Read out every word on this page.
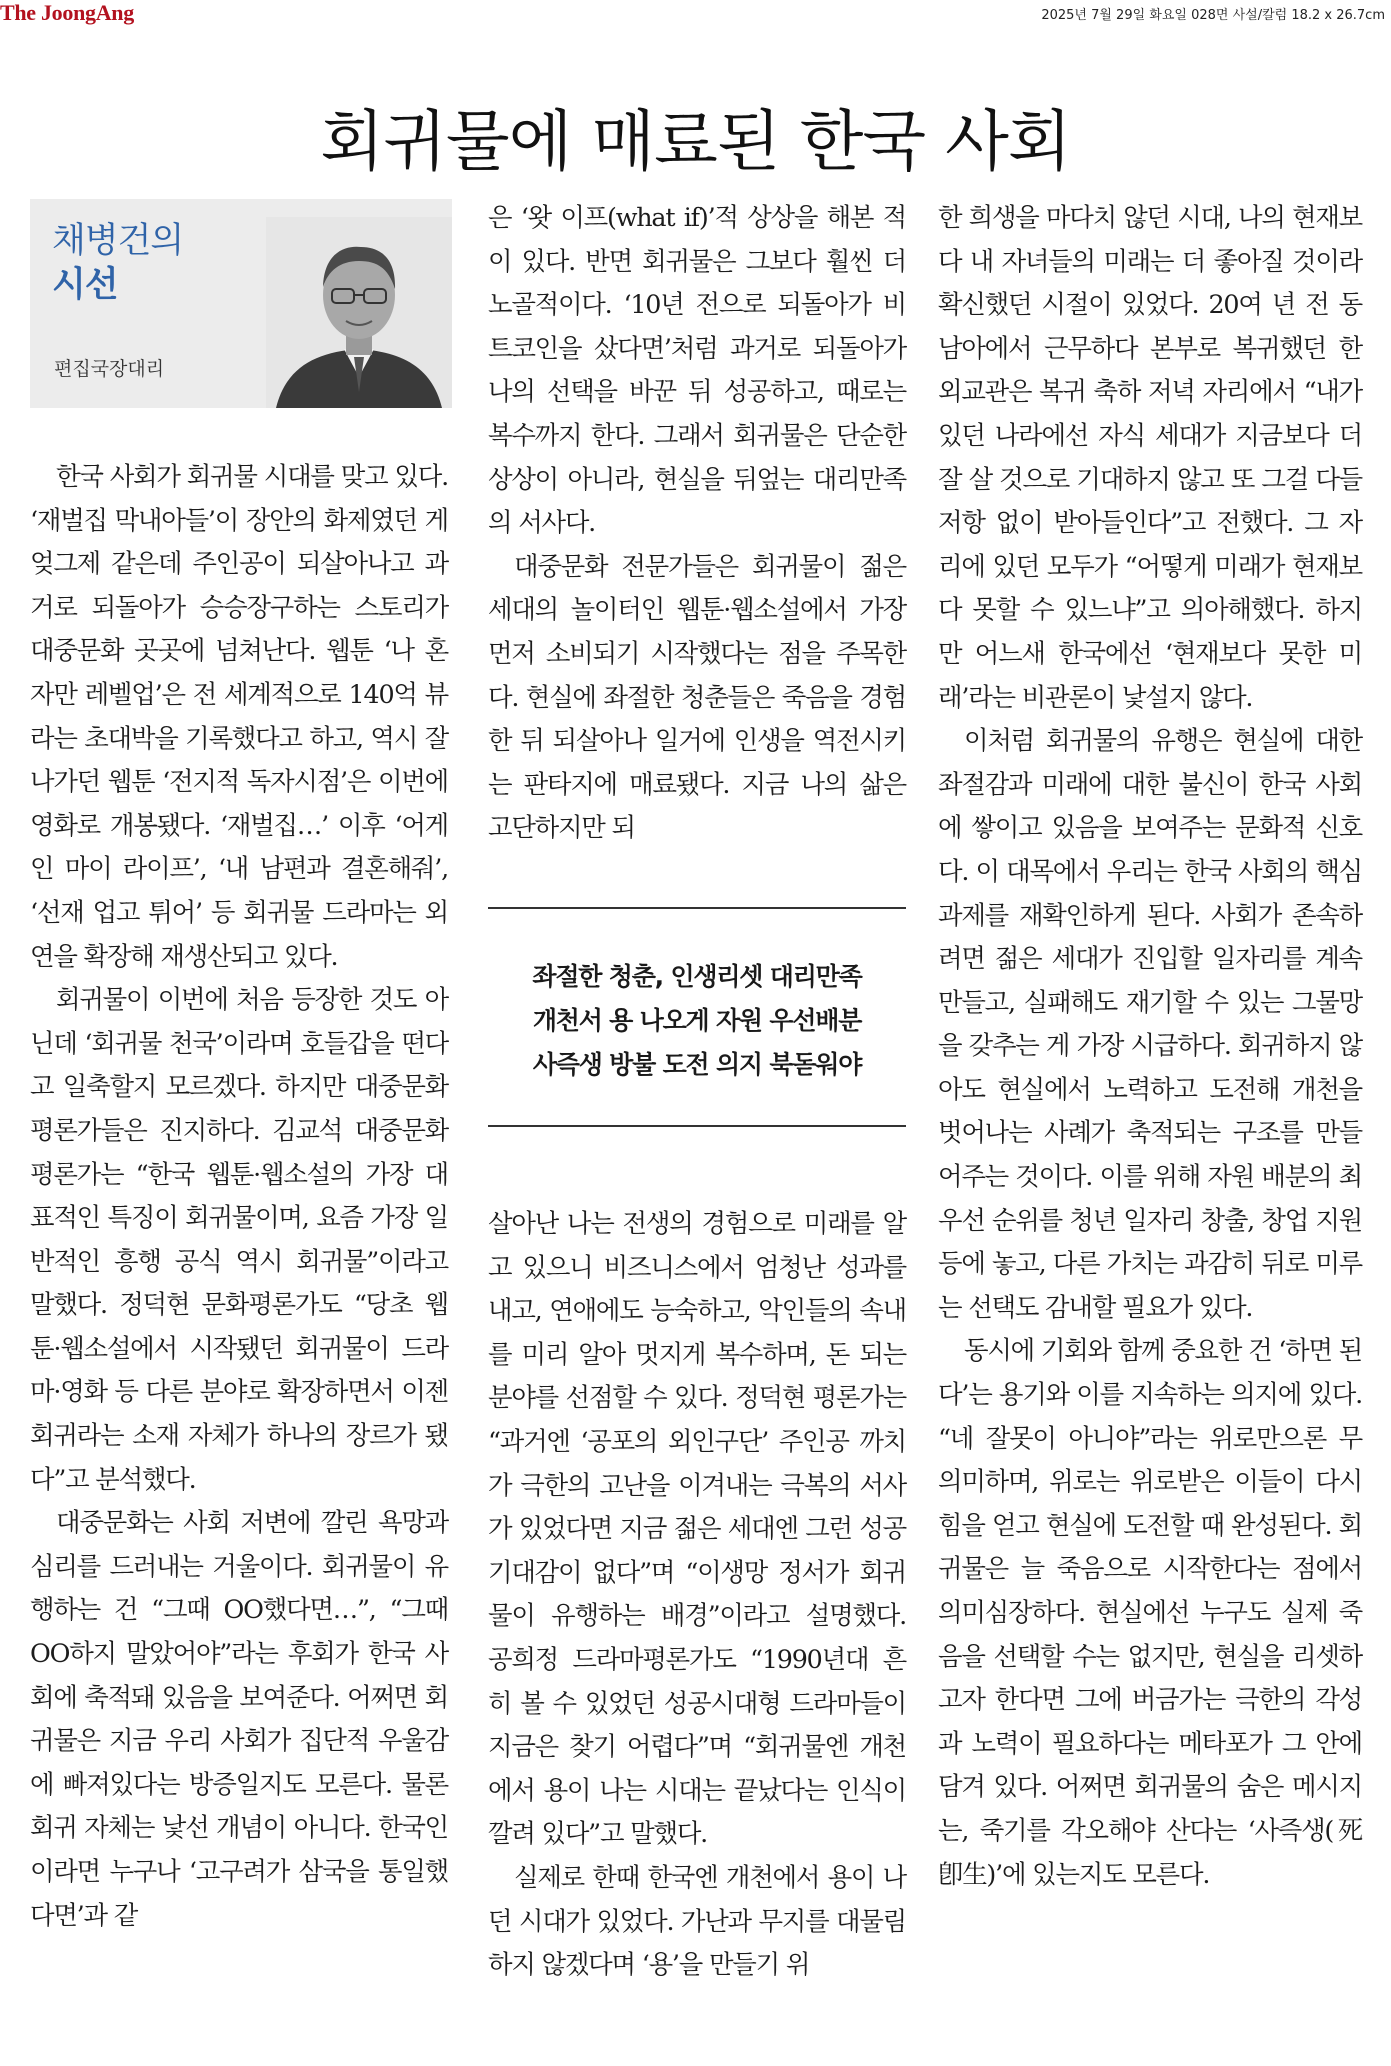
The JoongAng	2025년 7월 29일 화요일 028면 사설/칼럼 18.2 x 26.7cm
회귀물에 매료된 한국 사회
채병건의
시선
편집국장대리

한국 사회가 회귀물 시대를 맞고 있다. ‘재벌집 막내아들’이 장안의 화제였던 게 엊그제 같은데 주인공이 되살아나고 과거로 되돌아가 승승장구하는 스토리가 대중문화 곳곳에 넘쳐난다. 웹툰 ‘나 혼자만 레벨업’은 전 세계적으로 140억 뷰라는 초대박을 기록했다고 하고, 역시 잘 나가던 웹툰 ‘전지적 독자시점’은 이번에 영화로 개봉됐다. ‘재벌집…’ 이후 ‘어게인 마이 라이프’, ‘내 남편과 결혼해줘’, ‘선재 업고 튀어’ 등 회귀물 드라마는 외연을 확장해 재생산되고 있다.

회귀물이 이번에 처음 등장한 것도 아닌데 ‘회귀물 천국’이라며 호들갑을 떤다고 일축할지 모르겠다. 하지만 대중문화 평론가들은 진지하다. 김교석 대중문화평론가는 “한국 웹툰·웹소설의 가장 대표적인 특징이 회귀물이며, 요즘 가장 일반적인 흥행 공식 역시 회귀물”이라고 말했다. 정덕현 문화평론가도 “당초 웹툰·웹소설에서 시작됐던 회귀물이 드라마·영화 등 다른 분야로 확장하면서 이젠 회귀라는 소재 자체가 하나의 장르가 됐다”고 분석했다.

대중문화는 사회 저변에 깔린 욕망과 심리를 드러내는 거울이다. 회귀물이 유행하는 건 “그때 OO했다면…”, “그때 OO하지 말았어야”라는 후회가 한국 사회에 축적돼 있음을 보여준다. 어쩌면 회귀물은 지금 우리 사회가 집단적 우울감에 빠져있다는 방증일지도 모른다. 물론 회귀 자체는 낯선 개념이 아니다. 한국인이라면 누구나 ‘고구려가 삼국을 통일했다면’과 같

은 ‘왓 이프(what if)’적 상상을 해본 적이 있다. 반면 회귀물은 그보다 훨씬 더 노골적이다. ‘10년 전으로 되돌아가 비트코인을 샀다면’처럼 과거로 되돌아가 나의 선택을 바꾼 뒤 성공하고, 때로는 복수까지 한다. 그래서 회귀물은 단순한 상상이 아니라, 현실을 뒤엎는 대리만족의 서사다.

대중문화 전문가들은 회귀물이 젊은 세대의 놀이터인 웹툰·웹소설에서 가장 먼저 소비되기 시작했다는 점을 주목한다. 현실에 좌절한 청춘들은 죽음을 경험한 뒤 되살아나 일거에 인생을 역전시키는 판타지에 매료됐다. 지금 나의 삶은 고단하지만 되

좌절한 청춘, 인생리셋 대리만족
개천서 용 나오게 자원 우선배분
사즉생 방불 도전 의지 북돋워야

살아난 나는 전생의 경험으로 미래를 알고 있으니 비즈니스에서 엄청난 성과를 내고, 연애에도 능숙하고, 악인들의 속내를 미리 알아 멋지게 복수하며, 돈 되는 분야를 선점할 수 있다. 정덕현 평론가는 “과거엔 ‘공포의 외인구단’ 주인공 까치가 극한의 고난을 이겨내는 극복의 서사가 있었다면 지금 젊은 세대엔 그런 성공 기대감이 없다”며 “이생망 정서가 회귀물이 유행하는 배경”이라고 설명했다. 공희정 드라마평론가도 “1990년대 흔히 볼 수 있었던 성공시대형 드라마들이 지금은 찾기 어렵다”며 “회귀물엔 개천에서 용이 나는 시대는 끝났다는 인식이 깔려 있다”고 말했다.

실제로 한때 한국엔 개천에서 용이 나던 시대가 있었다. 가난과 무지를 대물림하지 않겠다며 ‘용’을 만들기 위

한 희생을 마다치 않던 시대, 나의 현재보다 내 자녀들의 미래는 더 좋아질 것이라 확신했던 시절이 있었다. 20여 년 전 동남아에서 근무하다 본부로 복귀했던 한 외교관은 복귀 축하 저녁 자리에서 “내가 있던 나라에선 자식 세대가 지금보다 더 잘 살 것으로 기대하지 않고 또 그걸 다들 저항 없이 받아들인다”고 전했다. 그 자리에 있던 모두가 “어떻게 미래가 현재보다 못할 수 있느냐”고 의아해했다. 하지만 어느새 한국에선 ‘현재보다 못한 미래’라는 비관론이 낯설지 않다.

이처럼 회귀물의 유행은 현실에 대한 좌절감과 미래에 대한 불신이 한국 사회에 쌓이고 있음을 보여주는 문화적 신호다. 이 대목에서 우리는 한국 사회의 핵심 과제를 재확인하게 된다. 사회가 존속하려면 젊은 세대가 진입할 일자리를 계속 만들고, 실패해도 재기할 수 있는 그물망을 갖추는 게 가장 시급하다. 회귀하지 않아도 현실에서 노력하고 도전해 개천을 벗어나는 사례가 축적되는 구조를 만들어주는 것이다. 이를 위해 자원 배분의 최우선 순위를 청년 일자리 창출, 창업 지원 등에 놓고, 다른 가치는 과감히 뒤로 미루는 선택도 감내할 필요가 있다.

동시에 기회와 함께 중요한 건 ‘하면 된다’는 용기와 이를 지속하는 의지에 있다. “네 잘못이 아니야”라는 위로만으론 무의미하며, 위로는 위로받은 이들이 다시 힘을 얻고 현실에 도전할 때 완성된다. 회귀물은 늘 죽음으로 시작한다는 점에서 의미심장하다. 현실에선 누구도 실제 죽음을 선택할 수는 없지만, 현실을 리셋하고자 한다면 그에 버금가는 극한의 각성과 노력이 필요하다는 메타포가 그 안에 담겨 있다. 어쩌면 회귀물의 숨은 메시지는, 죽기를 각오해야 산다는 ‘사즉생(死卽生)’에 있는지도 모른다.
